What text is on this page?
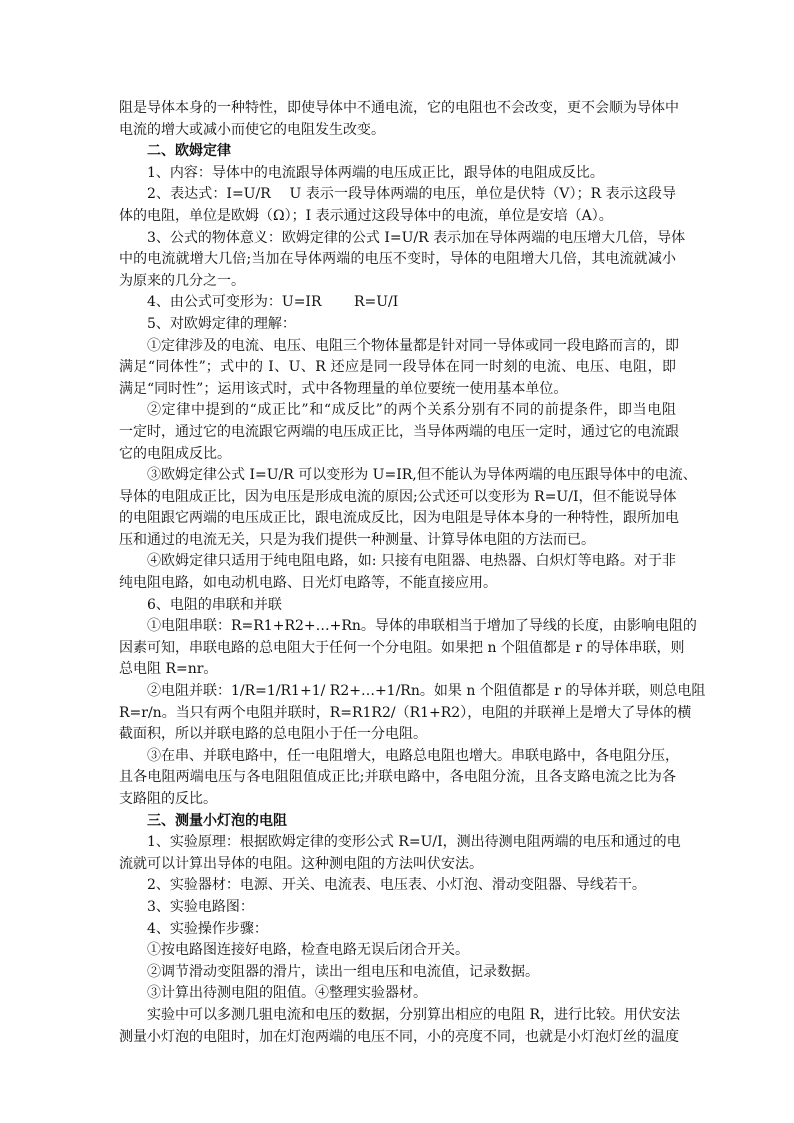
阻是导体本身的一种特性，即使导体中不通电流，它的电阻也不会改变，更不会顺为导体中
电流的增大或减小而使它的电阻发生改变。
二、欧姆定律
1、内容：导体中的电流跟导体两端的电压成正比，跟导体的电阻成反比。
2、表达式：I=U/R　 U 表示一段导体两端的电压，单位是伏特（V）；R 表示这段导
体的电阻，单位是欧姆（Ω）；I 表示通过这段导体中的电流，单位是安培（A）。
3、公式的物体意义：欧姆定律的公式 I=U/R 表示加在导体两端的电压增大几倍，导体
中的电流就增大几倍;当加在导体两端的电压不变时，导体的电阻增大几倍，其电流就减小
为原来的几分之一。
4、由公式可变形为：U=IR　　 R=U/I
5、对欧姆定律的理解：
①定律涉及的电流、电压、电阻三个物体量都是针对同一导体或同一段电路而言的，即
满足“同体性”；式中的 I、U、R 还应是同一段导体在同一时刻的电流、电压、电阻，即
满足“同时性”；运用该式时，式中各物理量的单位要统一使用基本单位。
②定律中提到的“成正比”和“成反比”的两个关系分别有不同的前提条件，即当电阻
一定时，通过它的电流跟它两端的电压成正比，当导体两端的电压一定时，通过它的电流跟
它的电阻成反比。
③欧姆定律公式 I=U/R 可以变形为 U=IR,但不能认为导体两端的电压跟导体中的电流、
导体的电阻成正比，因为电压是形成电流的原因;公式还可以变形为 R=U/I，但不能说导体
的电阻跟它两端的电压成正比，跟电流成反比，因为电阻是导体本身的一种特性，跟所加电
压和通过的电流无关，只是为我们提供一种测量、计算导体电阻的方法而已。
④欧姆定律只适用于纯电阻电路，如: 只接有电阻器、电热器、白炽灯等电路。对于非
纯电阻电路，如电动机电路、日光灯电路等，不能直接应用。
6、电阻的串联和并联
①电阻串联：R=R1+R2+…+Rn。导体的串联相当于增加了导线的长度，由影响电阻的
因素可知，串联电路的总电阻大于任何一个分电阻。如果把 n 个阻值都是 r 的导体串联，则
总电阻 R=nr。
②电阻并联：1/R=1/R1+1/ R2+…+1/Rn。如果 n 个阻值都是 r 的导体并联，则总电阻
R=r/n。当只有两个电阻并联时，R=R1R2/（R1+R2），电阻的并联禅上是增大了导体的横
截面积，所以并联电路的总电阻小于任一分电阻。
③在串、并联电路中，任一电阻增大，电路总电阻也增大。串联电路中，各电阻分压，
且各电阻两端电压与各电阻阻值成正比;并联电路中，各电阻分流，且各支路电流之比为各
支路阻的反比。
三、测量小灯泡的电阻
1、实验原理：根据欧姆定律的变形公式 R=U/I，测出待测电阻两端的电压和通过的电
流就可以计算出导体的电阻。这种测电阻的方法叫伏安法。
2、实验器材：电源、开关、电流表、电压表、小灯泡、滑动变阻器、导线若干。
3、实验电路图：
4、实验操作步骤：
①按电路图连接好电路，检查电路无误后闭合开关。
②调节滑动变阻器的滑片，读出一组电压和电流值，记录数据。
③计算出待测电阻的阻值。④整理实验器材。
实验中可以多测几驵电流和电压的数据，分别算出相应的电阻 R，进行比较。用伏安法
测量小灯泡的电阻时，加在灯泡两端的电压不同，小的亮度不同，也就是小灯泡灯丝的温度
